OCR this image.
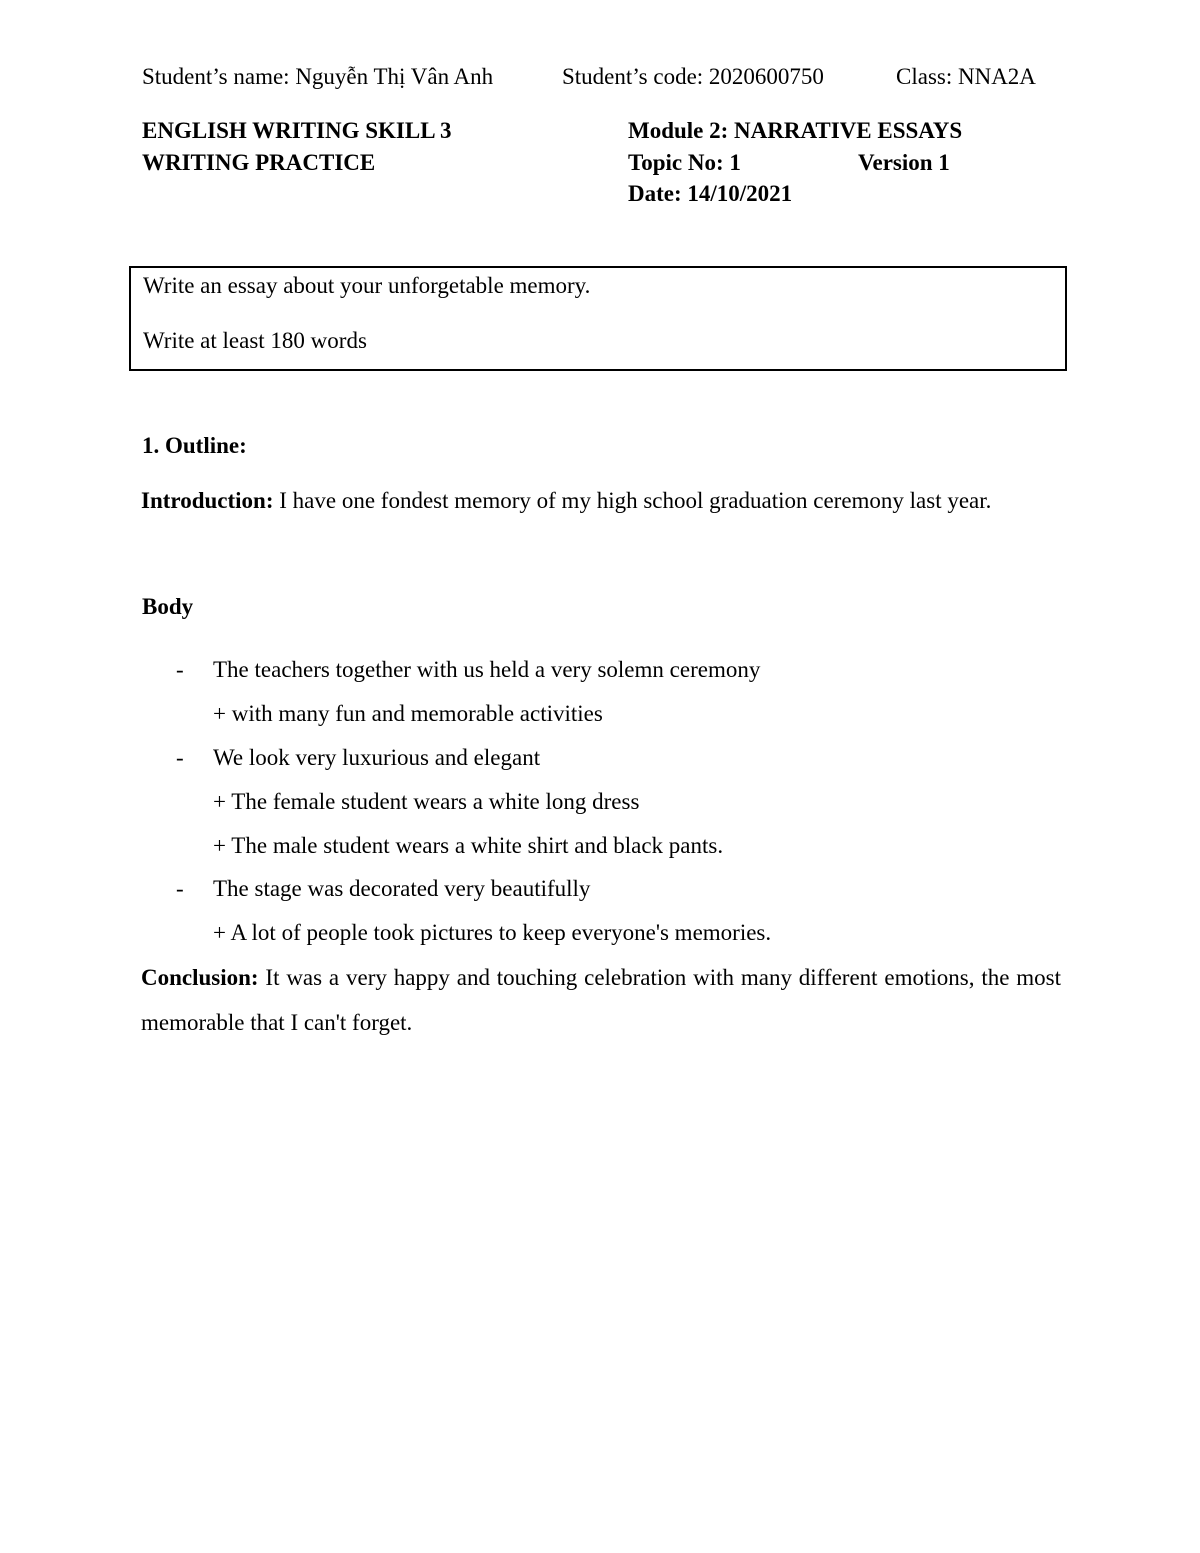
Student’s name: Nguyễn Thị Vân Anh	Student’s code: 2020600750	Class: NNA2A
ENGLISH WRITING SKILL 3
WRITING PRACTICE
Module 2: NARRATIVE ESSAYS
Topic No: 1	Version 1
Date: 14/10/2021
Write an essay about your unforgetable memory.
Write at least 180 words
1. Outline:
Introduction: I have one fondest memory of my high school graduation ceremony last year.
Body
- The teachers together with us held a very solemn ceremony
+ with many fun and memorable activities
- We look very luxurious and elegant
+ The female student wears a white long dress
+ The male student wears a white shirt and black pants.
- The stage was decorated very beautifully
+ A lot of people took pictures to keep everyone's memories.
Conclusion: It was a very happy and touching celebration with many different emotions, the most memorable that I can't forget.
